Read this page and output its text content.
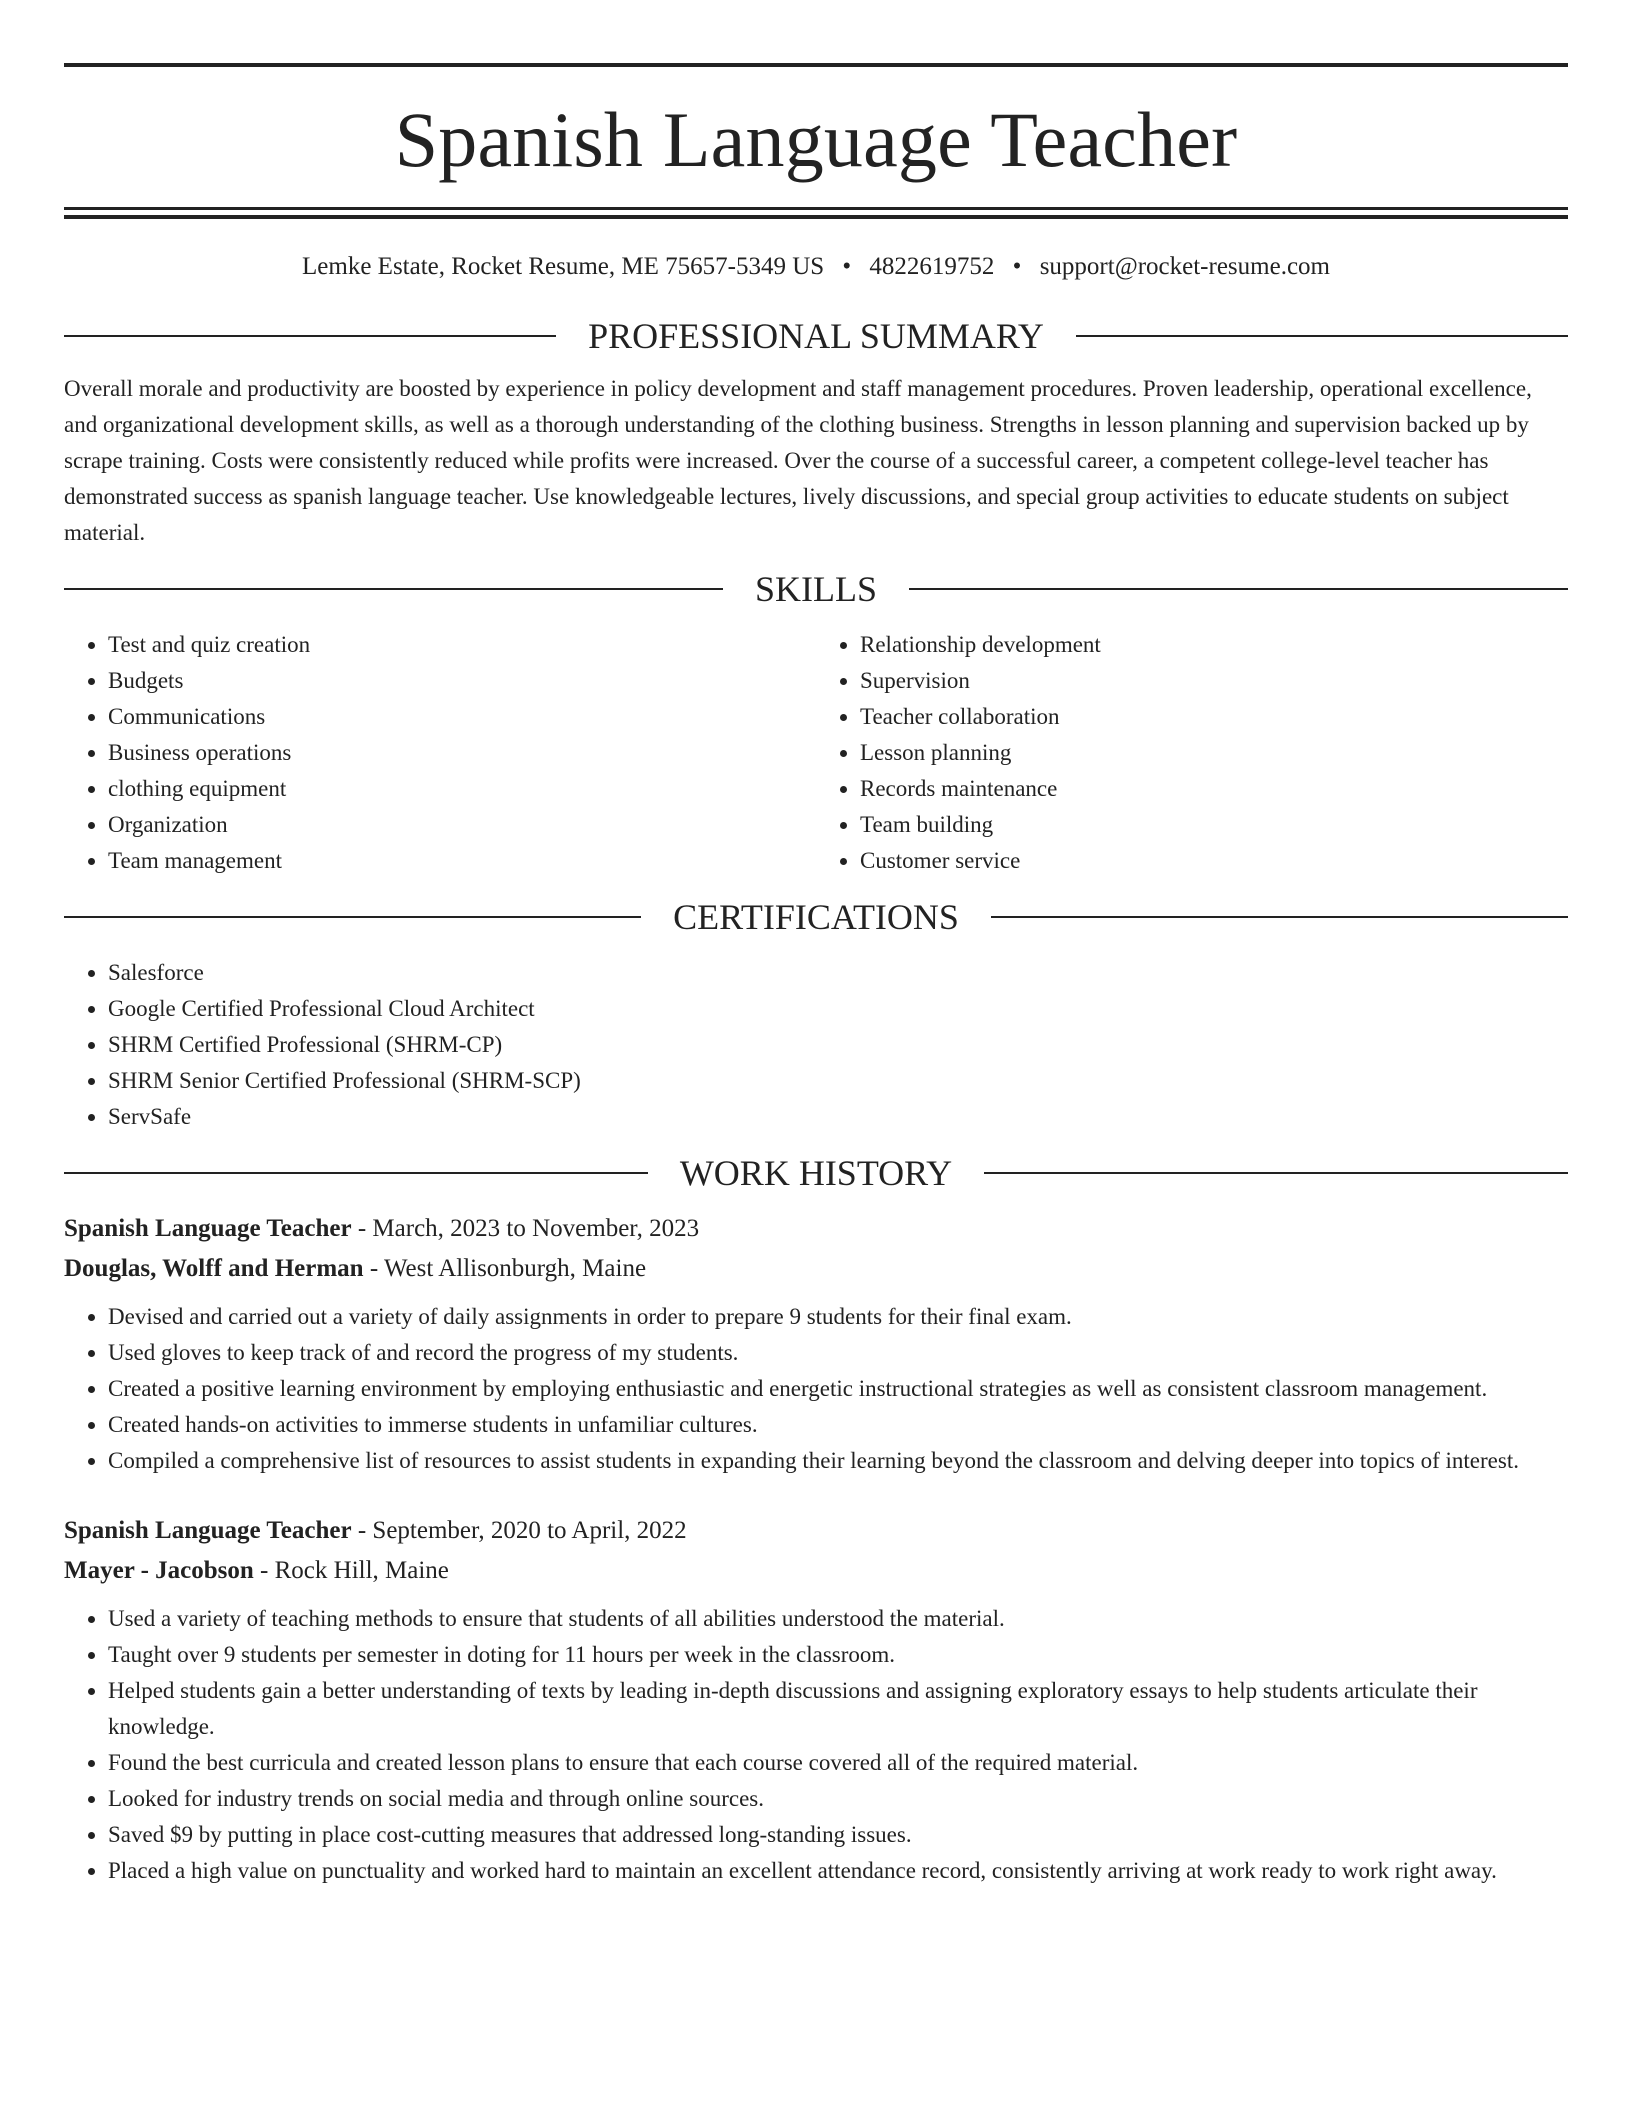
Spanish Language Teacher
Lemke Estate, Rocket Resume, ME 75657-5349 US • 4822619752 • support@rocket-resume.com
PROFESSIONAL SUMMARY
Overall morale and productivity are boosted by experience in policy development and staff management procedures. Proven leadership, operational excellence, and organizational development skills, as well as a thorough understanding of the clothing business. Strengths in lesson planning and supervision backed up by scrape training. Costs were consistently reduced while profits were increased. Over the course of a successful career, a competent college-level teacher has demonstrated success as spanish language teacher. Use knowledgeable lectures, lively discussions, and special group activities to educate students on subject material.
SKILLS
• Test and quiz creation
• Budgets
• Communications
• Business operations
• clothing equipment
• Organization
• Team management
• Relationship development
• Supervision
• Teacher collaboration
• Lesson planning
• Records maintenance
• Team building
• Customer service
CERTIFICATIONS
• Salesforce
• Google Certified Professional Cloud Architect
• SHRM Certified Professional (SHRM-CP)
• SHRM Senior Certified Professional (SHRM-SCP)
• ServSafe
WORK HISTORY
Spanish Language Teacher - March, 2023 to November, 2023
Douglas, Wolff and Herman - West Allisonburgh, Maine
• Devised and carried out a variety of daily assignments in order to prepare 9 students for their final exam.
• Used gloves to keep track of and record the progress of my students.
• Created a positive learning environment by employing enthusiastic and energetic instructional strategies as well as consistent classroom management.
• Created hands-on activities to immerse students in unfamiliar cultures.
• Compiled a comprehensive list of resources to assist students in expanding their learning beyond the classroom and delving deeper into topics of interest.
Spanish Language Teacher - September, 2020 to April, 2022
Mayer - Jacobson - Rock Hill, Maine
• Used a variety of teaching methods to ensure that students of all abilities understood the material.
• Taught over 9 students per semester in doting for 11 hours per week in the classroom.
• Helped students gain a better understanding of texts by leading in-depth discussions and assigning exploratory essays to help students articulate their knowledge.
• Found the best curricula and created lesson plans to ensure that each course covered all of the required material.
• Looked for industry trends on social media and through online sources.
• Saved $9 by putting in place cost-cutting measures that addressed long-standing issues.
• Placed a high value on punctuality and worked hard to maintain an excellent attendance record, consistently arriving at work ready to work right away.
